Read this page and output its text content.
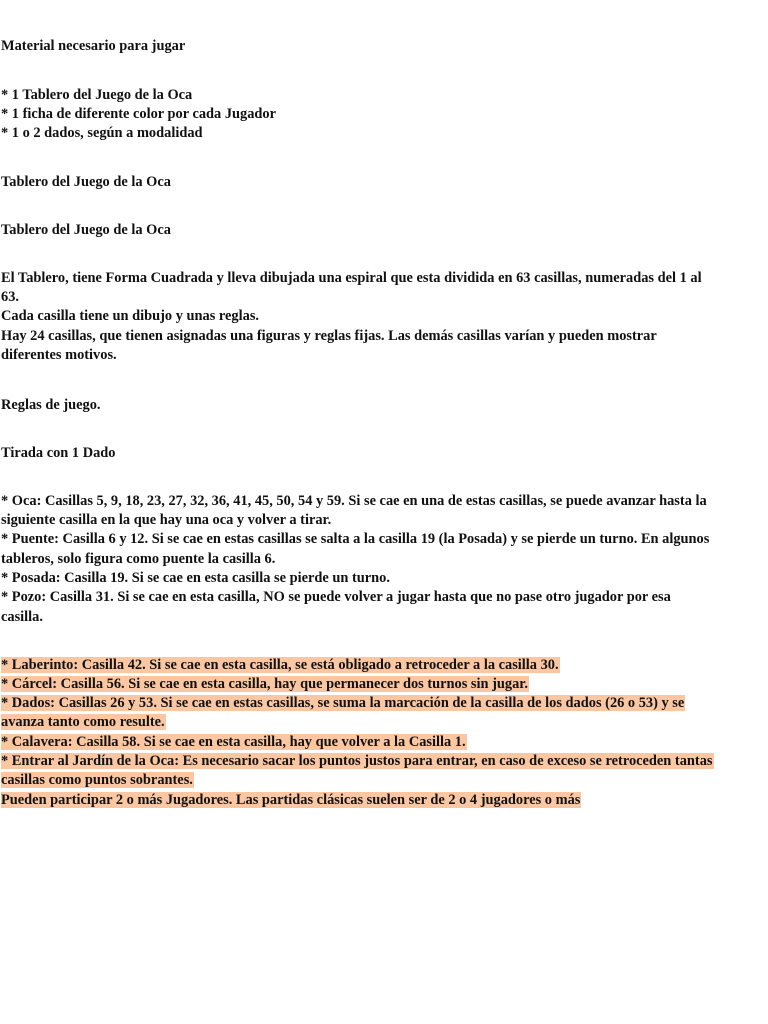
Material necesario para jugar

* 1 Tablero del Juego de la Oca

* 1 ficha de diferente color por cada Jugador

* 1 o 2 dados, según a modalidad

Tablero del Juego de la Oca

Tablero del Juego de la Oca

El Tablero, tiene Forma Cuadrada y lleva dibujada una espiral que esta dividida en 63 casillas, numeradas del 1 al

63.

Cada casilla tiene un dibujo y unas reglas.

Hay 24 casillas, que tienen asignadas una figuras y reglas fijas. Las demás casillas varían y pueden mostrar

diferentes motivos.

Reglas de juego.

Tirada con 1 Dado

* Oca: Casillas 5, 9, 18, 23, 27, 32, 36, 41, 45, 50, 54 y 59. Si se cae en una de estas casillas, se puede avanzar hasta la

siguiente casilla en la que hay una oca y volver a tirar.

* Puente: Casilla 6 y 12. Si se cae en estas casillas se salta a la casilla 19 (la Posada) y se pierde un turno. En algunos

tableros, solo figura como puente la casilla 6.

* Posada: Casilla 19. Si se cae en esta casilla se pierde un turno.

* Pozo: Casilla 31. Si se cae en esta casilla, NO se puede volver a jugar hasta que no pase otro jugador por esa

casilla.

* Laberinto: Casilla 42. Si se cae en esta casilla, se está obligado a retroceder a la casilla 30.

* Cárcel: Casilla 56. Si se cae en esta casilla, hay que permanecer dos turnos sin jugar.

* Dados: Casillas 26 y 53. Si se cae en estas casillas, se suma la marcación de la casilla de los dados (26 o 53) y se

avanza tanto como resulte.

* Calavera: Casilla 58. Si se cae en esta casilla, hay que volver a la Casilla 1.

* Entrar al Jardín de la Oca: Es necesario sacar los puntos justos para entrar, en caso de exceso se retroceden tantas

casillas como puntos sobrantes.

Pueden participar 2 o más Jugadores. Las partidas clásicas suelen ser de 2 o 4 jugadores o más
